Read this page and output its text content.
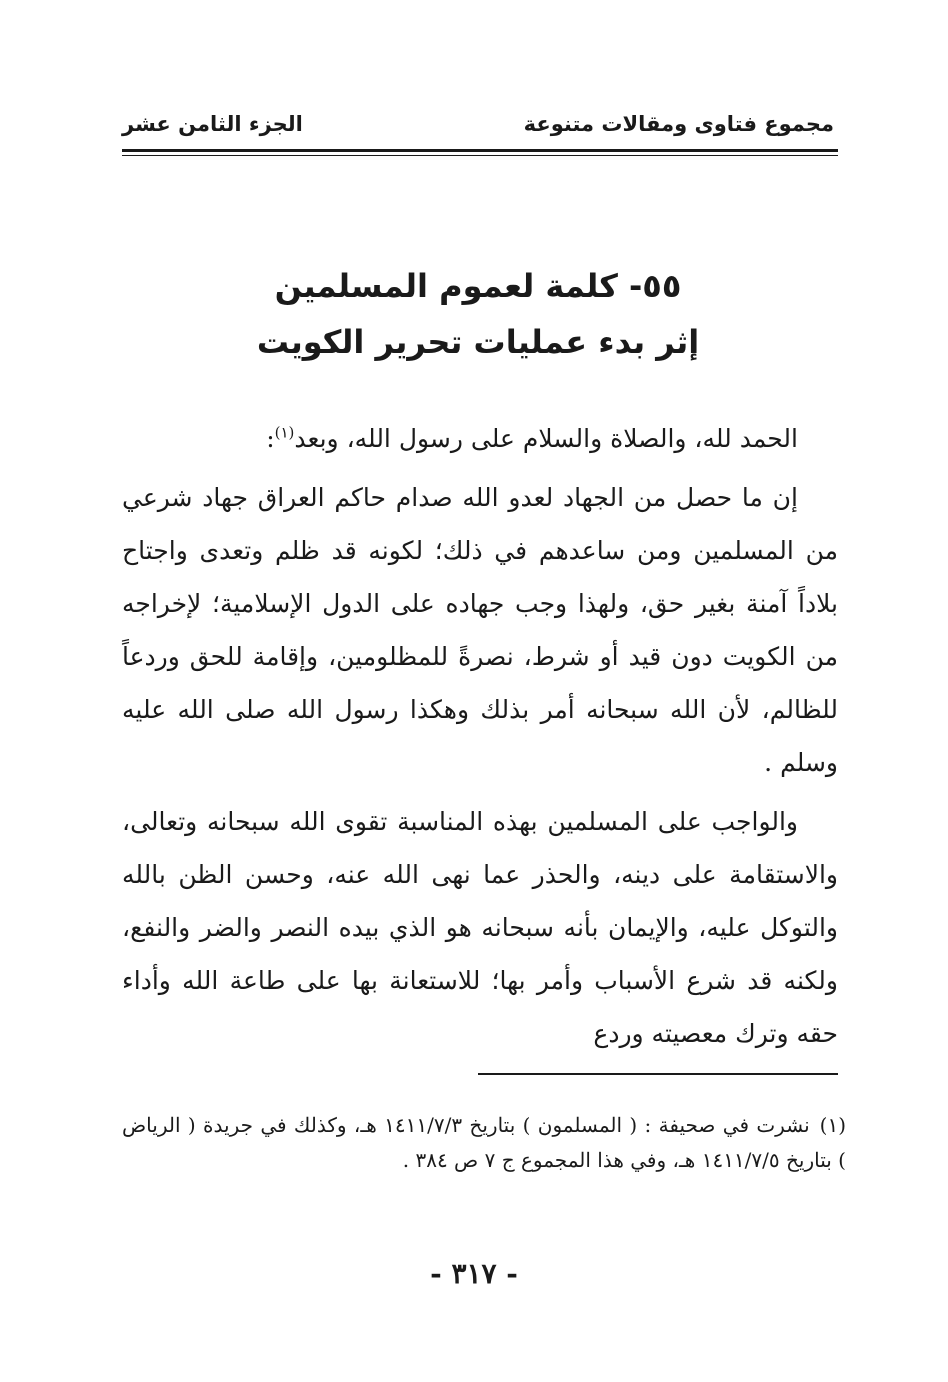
مجموع فتاوى ومقالات متنوعة
الجزء الثامن عشر
٥٥- كلمة لعموم المسلمين
إثر بدء عمليات تحرير الكويت

الحمد لله، والصلاة والسلام على رسول الله، وبعد$^{(١)}$:

إن ما حصل من الجهاد لعدو الله صدام حاكم العراق جهاد شرعي من المسلمين ومن ساعدهم في ذلك؛ لكونه قد ظلم وتعدى واجتاح بلاداً آمنة بغير حق، ولهذا وجب جهاده على الدول الإسلامية؛ لإخراجه من الكويت دون قيد أو شرط، نصرةً للمظلومين، وإقامة للحق وردعاً للظالم، لأن الله سبحانه أمر بذلك وهكذا رسول الله صلى الله عليه وسلم .

والواجب على المسلمين بهذه المناسبة تقوى الله سبحانه وتعالى، والاستقامة على دينه، والحذر عما نهى الله عنه، وحسن الظن بالله والتوكل عليه، والإيمان بأنه سبحانه هو الذي بيده النصر والضر والنفع، ولكنه قد شرع الأسباب وأمر بها؛ للاستعانة بها على طاعة الله وأداء حقه وترك معصيته وردع

(١)نشرت في صحيفة : ( المسلمون ) بتاريخ ١٤١١/٧/٣ هـ، وكذلك في جريدة ( الرياض ) بتاريخ ١٤١١/٧/٥ هـ، وفي هذا المجموع ج ٧ ص ٣٨٤ .
- ٣١٧ -
